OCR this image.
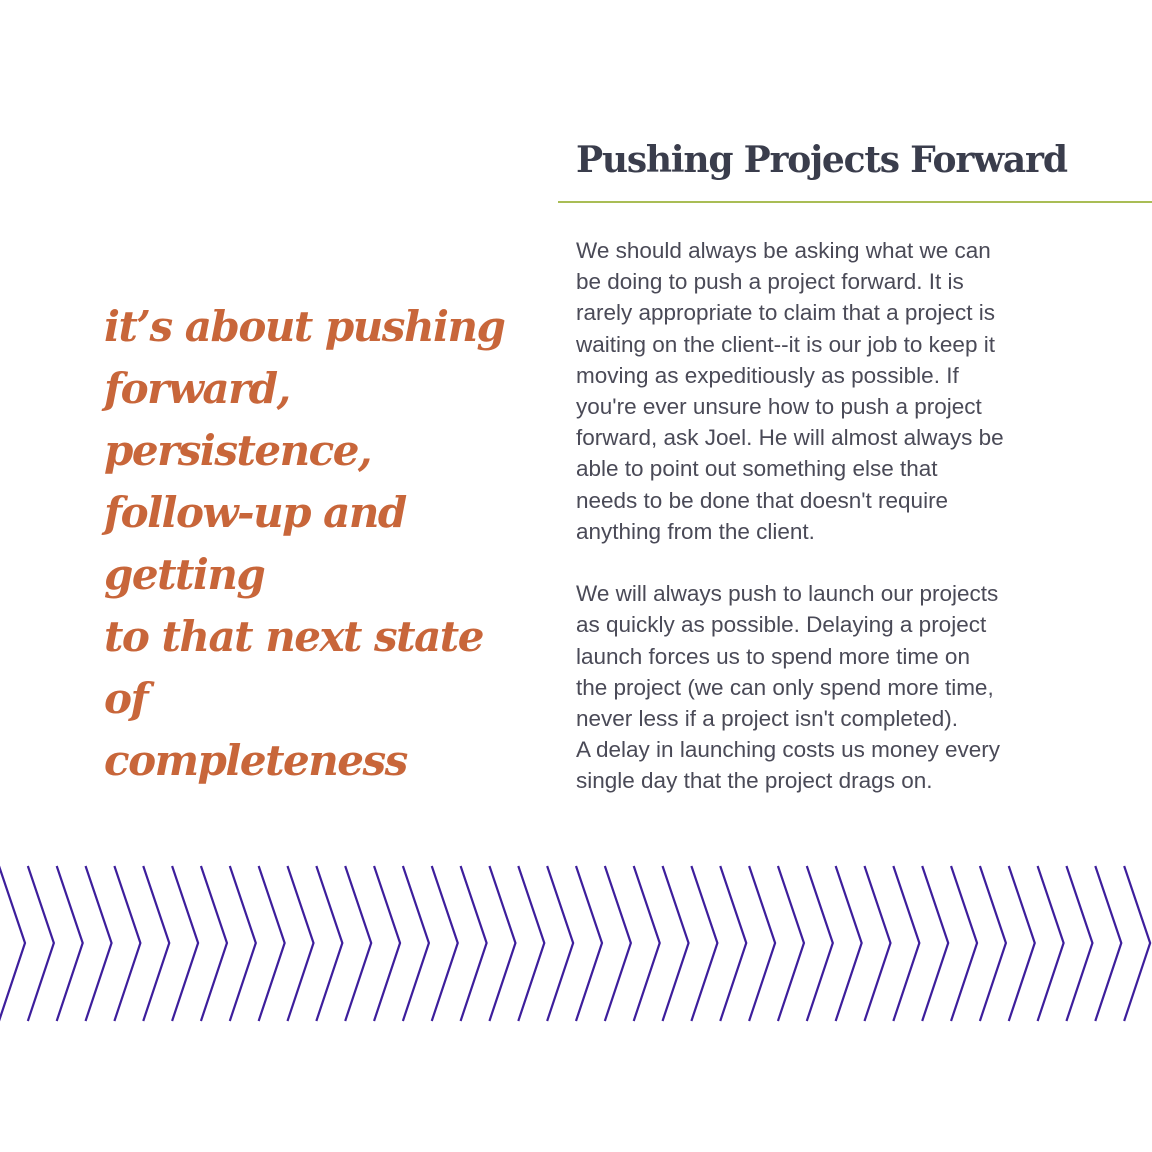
it’s about pushing
forward, persistence,
follow-up and getting
to that next state of
completeness
Pushing Projects Forward

We should always be asking what we can
be doing to push a project forward. It is
rarely appropriate to claim that a project is
waiting on the client--it is our job to keep it
moving as expeditiously as possible. If
you're ever unsure how to push a project
forward, ask Joel. He will almost always be
able to point out something else that
needs to be done that doesn't require
anything from the client.

We will always push to launch our projects
as quickly as possible. Delaying a project
launch forces us to spend more time on
the project (we can only spend more time,
never less if a project isn't completed).
A delay in launching costs us money every
single day that the project drags on.
